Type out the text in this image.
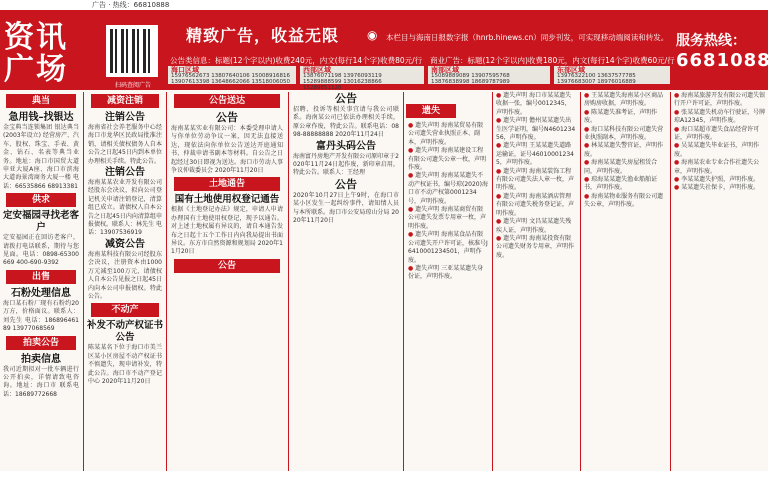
广告 · 热线：66810888
资讯广场	扫码查阅广告
精致广告，收益无限 ◉ 本栏目与海南日报数字报（hnrb.hinews.cn）同步刊发，可实现移动端阅读和转发。
公告类信息：标题(12个字以内)收费240元，内文(每行14个字)收费80元/行 商业广告：标题(12个字以内)收费180元，内文(每行14个字)收费60元/行
服务热线：
66810888
海口区域
15976562673 13807640106 15008916816 13907613398 13648662066 13518006050
西部区域
13876071198 13976093119 15289888599 13016238866 15289851120
南部区域
15089889089 13907595768 13876838998 18689787989
东部区域
13976322100 13637577785 13976683007 18976016889
典当
急用钱–找银达
金宝典当连锁集团 银达典当(2003年设立) 经营房产、汽车、股权、珠宝、手表、黄金、钻石、名表等典当业务。地址：海口市国贸大道申亚大厦A座、海口市滨海大道海景湾商务大厦一楼 电话：66535866 68913381
供求
定安福园寻找老客户
定安福园正在回访老客户，请拨打电话联系，期待与您见面。电话：0898-65300669 400-690-9392
出售
石粉处理信息
海口某石粉厂现有石粉约20万方，价格面议。联系人：刘先生 电话：18689646189 13977068569
拍卖公告
拍卖信息
我司近期拟对一批车辆进行公开拍卖，详情请致电咨询。地址：海口市 联系电话：18689772668
减资注销
注销公告
海南省社会养老服务中心经海口市龙华区民政局批准注销，请相关债权债务人自本公告之日起45日内到本单位办理相关手续。特此公告。
注销公告
海南某某农业开发有限公司经股东会决议，拟向公司登记机关申请注销登记，清算组已成立。请债权人自本公告之日起45日内向清算组申报债权。联系人：林先生 电话：13907536919
减资公告
海南某科技有限公司经股东会决议，注册资本由1000万元减至100万元，请债权人自本公告见报之日起45日内向本公司申报债权。特此公告。
不动产
补发不动产权证书公告
陈某某名下位于海口市美兰区某小区房屋不动产权证书不慎遗失，现申请补发，特此公告。海口市不动产登记中心 2020年11月20日
公告送达
公告
海南某某实业有限公司：本委受理申请人与你单位劳动争议一案，因无法直接送达，现依法向你单位公告送达开庭通知书、仲裁申请书副本等材料。自公告之日起经过30日即视为送达。海口市劳动人事争议仲裁委员会 2020年11月20日
土地通告
国有土地使用权登记通告
根据《土地登记办法》规定，申请人申请办理国有土地使用权登记，现予以通告。对上述土地权属有异议的，请自本通告发布之日起十五个工作日内向我局提出书面异议。东方市自然资源和规划局 2020年11月20日
公告
公告
招聘、投诉等相关事宜请与我公司联系。海南某公司已依法办理相关手续，原公章作废，特此公告。联系电话：0898-88888888 2020年11月24日
富丹头码公告
海南富丹房地产开发有限公司原印章于2020年11月24日起作废，新印章启用，特此公告。联系人：王经理
公告
2020年10月27日上午9时，在海口市某小区发生一起纠纷事件，请知情人员与本所联系。海口市公安局琼山分局 2020年11月20日
遗失
● 遗失声明 海南某贸易有限公司遗失营业执照正本、副本，声明作废。
● 遗失声明 海南某建设工程有限公司遗失公章一枚，声明作废。
● 遗失声明 海南某某遗失不动产权证书，编号琼(2020)海口市不动产权第0001234号，声明作废。
● 遗失声明 海南某商贸有限公司遗失发票专用章一枚，声明作废。
● 遗失声明 海南某食品有限公司遗失开户许可证，核准号J6410001234501，声明作废。
● 遗失声明 三亚某某遗失身份证，声明作废。
● 遗失声明 海口市某某遗失收据一张，编号0012345，声明作废。
● 遗失声明 儋州某某遗失出生医学证明，编号N460123456，声明作废。
● 遗失声明 王某某遗失道路运输证，证号460100012345，声明作废。
● 遗失声明 海南某装饰工程有限公司遗失法人章一枚，声明作废。
● 遗失声明 海南某酒店管理有限公司遗失税务登记证，声明作废。
● 遗失声明 文昌某某遗失残疾人证，声明作废。
● 遗失声明 海南某投资有限公司遗失财务专用章，声明作废。
● 王某某遗失海南某小区商品房购房收据，声明作废。
● 陈某遗失准考证，声明作废。
● 海口某科技有限公司遗失营业执照副本，声明作废。
● 林某某遗失警官证，声明作废。
● 海南某某遗失房屋租赁合同，声明作废。
● 琼海某某遗失渔业船舶证书，声明作废。
● 海南某物业服务有限公司遗失公章，声明作废。
● 海南某旅游开发有限公司遗失银行开户许可证，声明作废。
● 张某某遗失机动车行驶证，号牌琼A12345，声明作废。
● 海口某超市遗失食品经营许可证，声明作废。
● 吴某某遗失毕业证书，声明作废。
● 海南某农业专业合作社遗失公章，声明作废。
● 李某某遗失护照，声明作废。
● 某某遗失社保卡，声明作废。
